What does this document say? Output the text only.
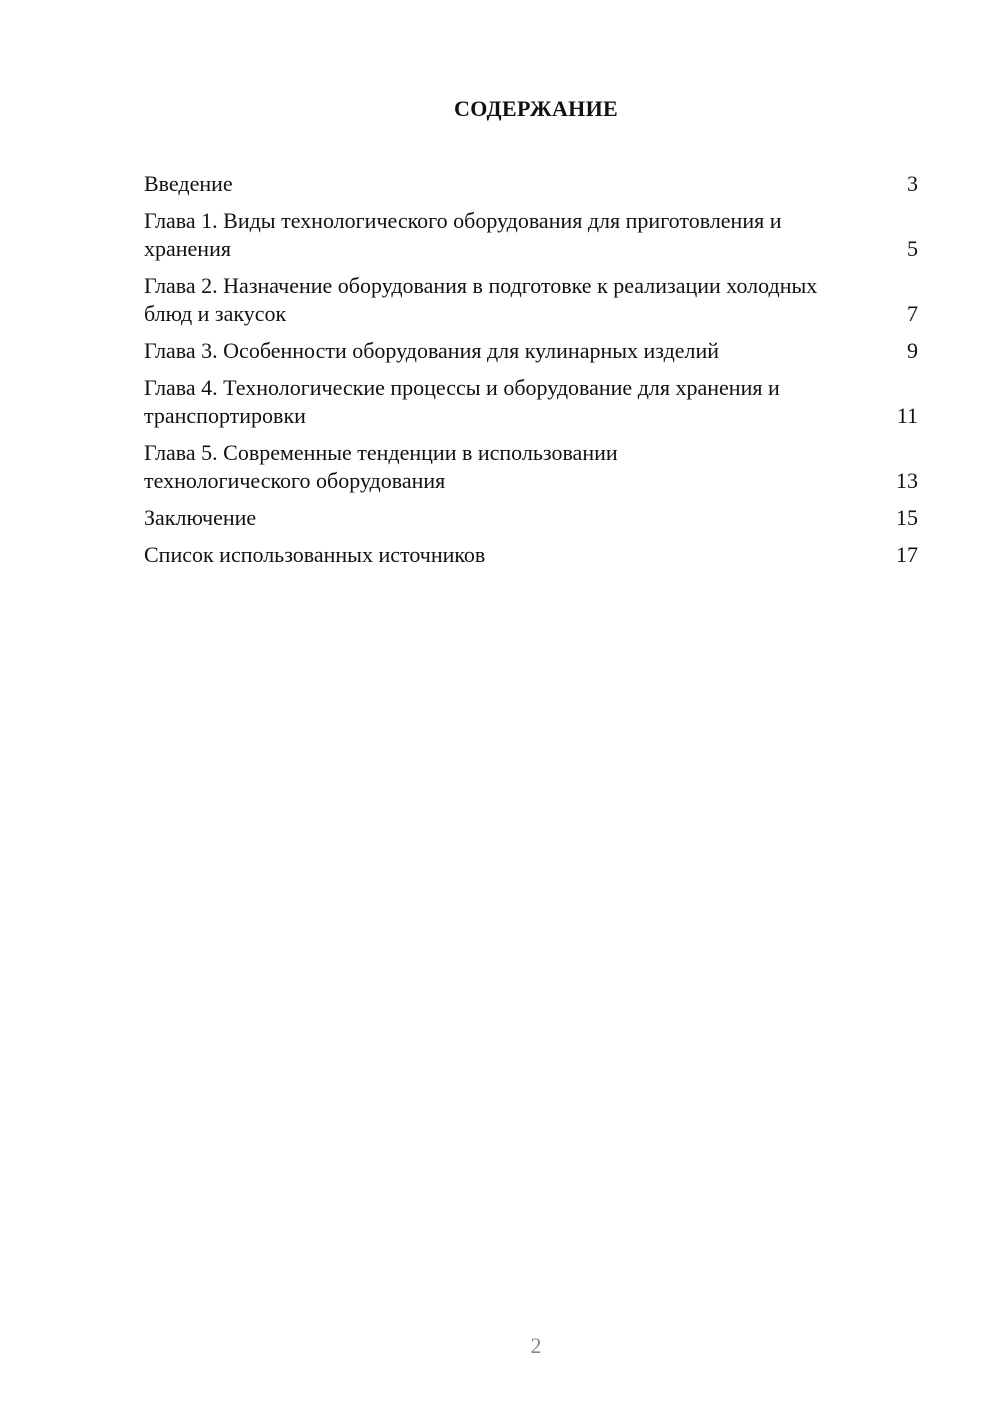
СОДЕРЖАНИЕ
Введение	3
Глава 1. Виды технологического оборудования для приготовления и хранения	5
Глава 2. Назначение оборудования в подготовке к реализации холодных блюд и закусок	7
Глава 3. Особенности оборудования для кулинарных изделий	9
Глава 4. Технологические процессы и оборудование для хранения и транспортировки	11
Глава 5. Современные тенденции в использовании технологического оборудования	13
Заключение	15
Список использованных источников	17
2
